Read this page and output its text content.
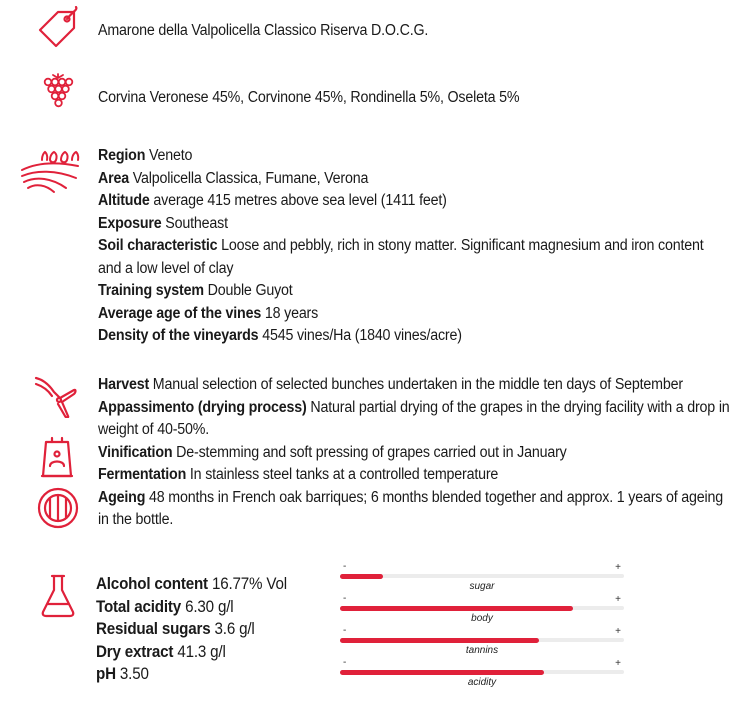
Amarone della Valpolicella Classico Riserva D.O.C.G.
Corvina Veronese 45%, Corvinone 45%, Rondinella 5%, Oseleta 5%
Region Veneto
Area Valpolicella Classica, Fumane, Verona
Altitude average 415 metres above sea level (1411 feet)
Exposure Southeast
Soil characteristic Loose and pebbly, rich in stony matter. Significant magnesium and iron content and a low level of clay
Training system Double Guyot
Average age of the vines 18 years
Density of the vineyards 4545 vines/Ha (1840 vines/acre)
Harvest Manual selection of selected bunches undertaken in the middle ten days of September
Appassimento (drying process) Natural partial drying of the grapes in the drying facility with a drop in weight of 40-50%.
Vinification De-stemming and soft pressing of grapes carried out in January
Fermentation In stainless steel tanks at a controlled temperature
Ageing 48 months in French oak barriques; 6 months blended together and approx. 1 years of ageing in the bottle.
Alcohol content 16.77% Vol
Total acidity 6.30 g/l
Residual sugars 3.6 g/l
Dry extract 41.3 g/l
pH 3.50
-	+
sugar
-	+
body
-	+
tannins
-	+
acidity
